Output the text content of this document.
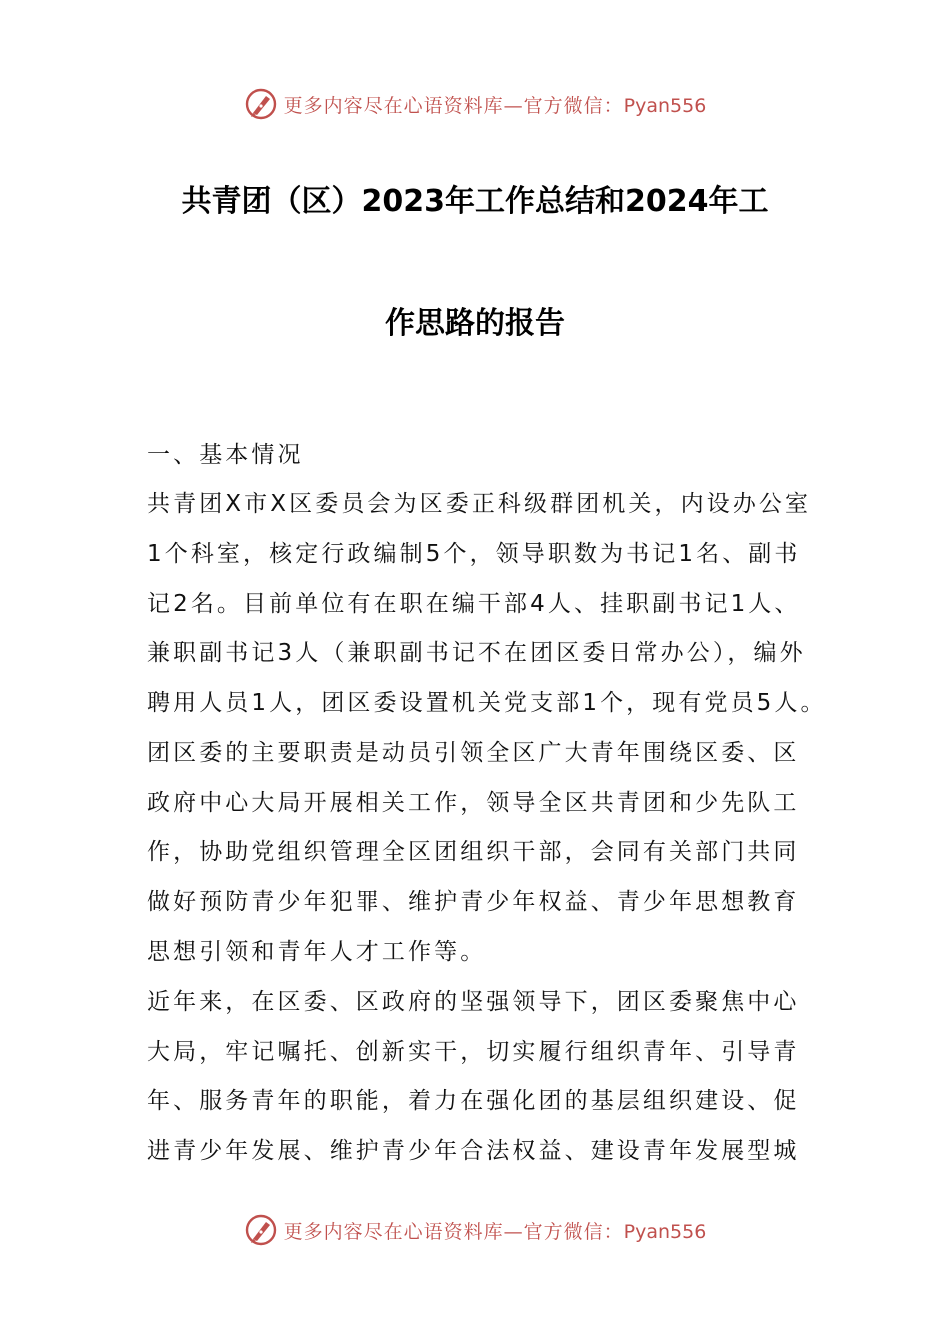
更多内容尽在心语资料库—官方微信：Pyan556
共青团（区）2023年工作总结和2024年工
作思路的报告
一、基本情况
共青团X市X区委员会为区委正科级群团机关，内设办公室
1个科室，核定行政编制5个，领导职数为书记1名、副书
记2名。目前单位有在职在编干部4人、挂职副书记1人、
兼职副书记3人（兼职副书记不在团区委日常办公），编外
聘用人员1人，团区委设置机关党支部1个，现有党员5人。
团区委的主要职责是动员引领全区广大青年围绕区委、区
政府中心大局开展相关工作，领导全区共青团和少先队工
作，协助党组织管理全区团组织干部，会同有关部门共同
做好预防青少年犯罪、维护青少年权益、青少年思想教育
思想引领和青年人才工作等。
近年来，在区委、区政府的坚强领导下，团区委聚焦中心
大局，牢记嘱托、创新实干，切实履行组织青年、引导青
年、服务青年的职能，着力在强化团的基层组织建设、促
进青少年发展、维护青少年合法权益、建设青年发展型城
更多内容尽在心语资料库—官方微信：Pyan556
